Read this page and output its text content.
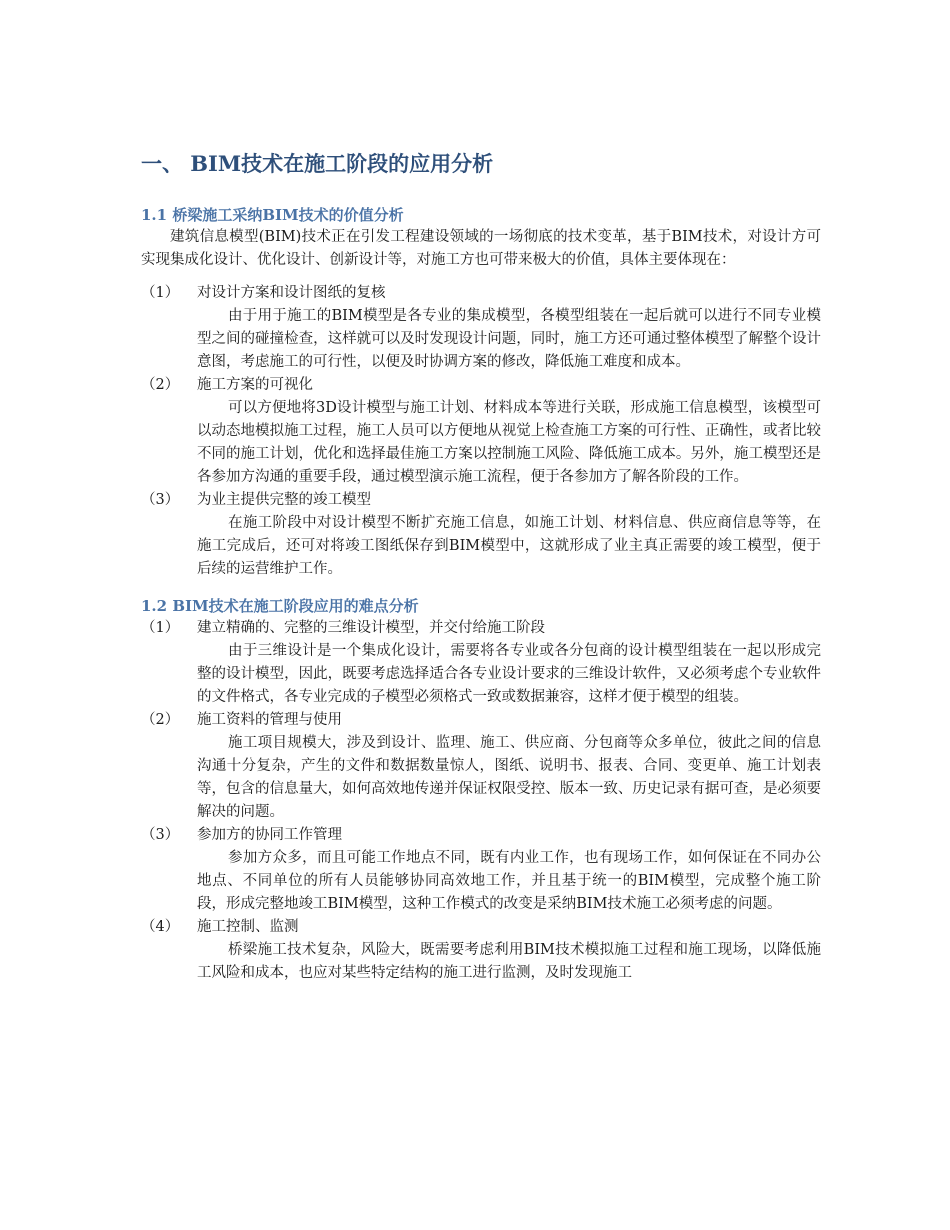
一、 BIM技术在施工阶段的应用分析
1.1 桥梁施工采纳BIM技术的价值分析

建筑信息模型(BIM)技术正在引发工程建设领域的一场彻底的技术变革，基于BIM技术，对设计方可实现集成化设计、优化设计、创新设计等，对施工方也可带来极大的价值，具体主要体现在：

（1） 对设计方案和设计图纸的复核

由于用于施工的BIM模型是各专业的集成模型，各模型组装在一起后就可以进行不同专业模型之间的碰撞检查，这样就可以及时发现设计问题，同时，施工方还可通过整体模型了解整个设计意图，考虑施工的可行性，以便及时协调方案的修改，降低施工难度和成本。

（2） 施工方案的可视化

可以方便地将3D设计模型与施工计划、材料成本等进行关联，形成施工信息模型，该模型可以动态地模拟施工过程，施工人员可以方便地从视觉上检查施工方案的可行性、正确性，或者比较不同的施工计划，优化和选择最佳施工方案以控制施工风险、降低施工成本。另外，施工模型还是各参加方沟通的重要手段，通过模型演示施工流程，便于各参加方了解各阶段的工作。

（3） 为业主提供完整的竣工模型

在施工阶段中对设计模型不断扩充施工信息，如施工计划、材料信息、供应商信息等等，在施工完成后，还可对将竣工图纸保存到BIM模型中，这就形成了业主真正需要的竣工模型，便于后续的运营维护工作。

1.2 BIM技术在施工阶段应用的难点分析
（1） 建立精确的、完整的三维设计模型，并交付给施工阶段

由于三维设计是一个集成化设计，需要将各专业或各分包商的设计模型组装在一起以形成完整的设计模型，因此，既要考虑选择适合各专业设计要求的三维设计软件，又必须考虑个专业软件的文件格式，各专业完成的子模型必须格式一致或数据兼容，这样才便于模型的组装。

（2） 施工资料的管理与使用

施工项目规模大，涉及到设计、监理、施工、供应商、分包商等众多单位，彼此之间的信息沟通十分复杂，产生的文件和数据数量惊人，图纸、说明书、报表、合同、变更单、施工计划表等，包含的信息量大，如何高效地传递并保证权限受控、版本一致、历史记录有据可查，是必须要解决的问题。

（3） 参加方的协同工作管理

参加方众多，而且可能工作地点不同，既有内业工作，也有现场工作，如何保证在不同办公地点、不同单位的所有人员能够协同高效地工作，并且基于统一的BIM模型，完成整个施工阶段，形成完整地竣工BIM模型，这种工作模式的改变是采纳BIM技术施工必须考虑的问题。

（4） 施工控制、监测

桥梁施工技术复杂，风险大，既需要考虑利用BIM技术模拟施工过程和施工现场，以降低施工风险和成本，也应对某些特定结构的施工进行监测，及时发现施工
